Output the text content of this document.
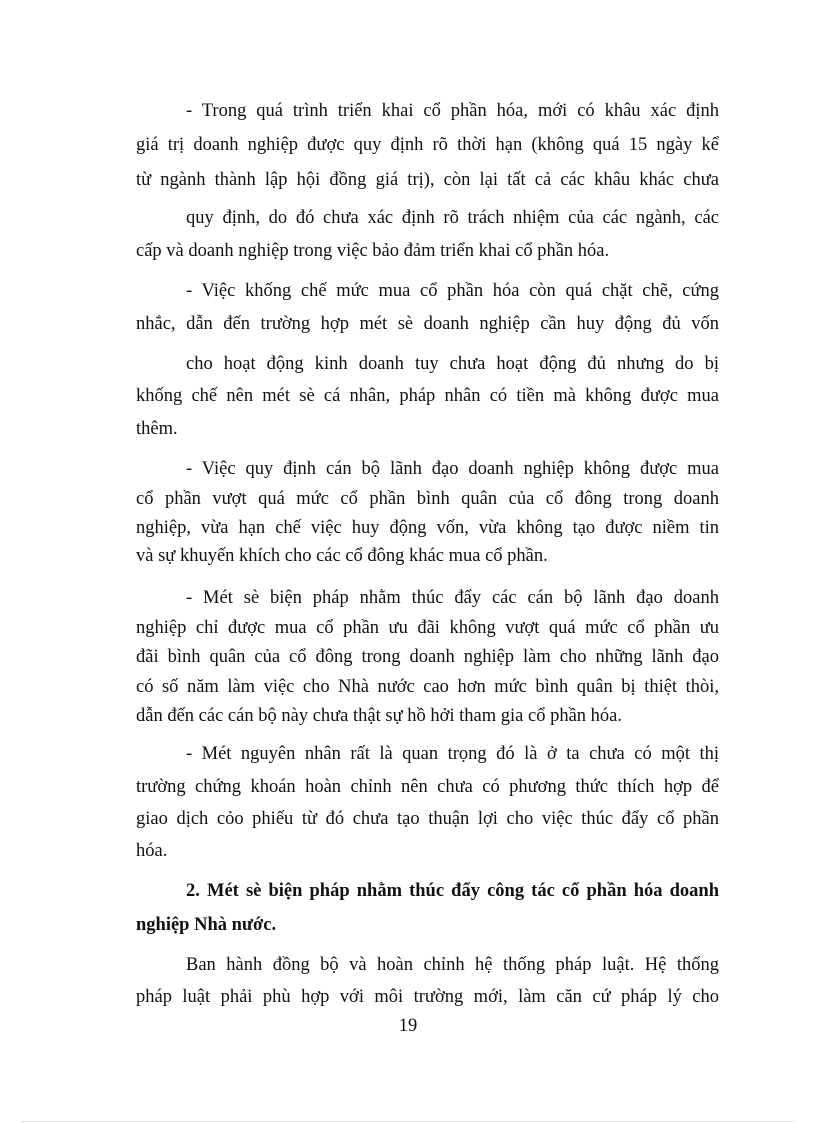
- Trong quá trình triển khai cổ phần hóa, mới có khâu xác định
giá trị doanh nghiệp được quy định rõ thời hạn (không quá 15 ngày kể
từ ngành thành lập hội đồng giá trị), còn lại tất cả các khâu khác chưa
quy định, do đó chưa xác định rõ trách nhiệm của các ngành, các
cấp và doanh nghiệp trong việc bảo đảm triển khai cổ phần hóa.
- Việc khống chế mức mua cổ phần hóa còn quá chặt chẽ, cứng
nhắc, dẫn đến trường hợp mét sè doanh nghiệp cần huy động đủ vốn
cho hoạt động kinh doanh tuy chưa hoạt động đủ nhưng do bị
khống chế nên mét sè cá nhân, pháp nhân có tiền mà không được mua
thêm.
- Việc quy định cán bộ lãnh đạo doanh nghiệp không được mua
cổ phần vượt quá mức cổ phần bình quân của cổ đông trong doanh
nghiệp, vừa hạn chế việc huy động vốn, vừa không tạo được niềm tin
và sự khuyến khích cho các cổ đông khác mua cổ phần.
- Mét sè biện pháp nhằm thúc đẩy các cán bộ lãnh đạo doanh
nghiệp chỉ được mua cổ phần ưu đãi không vượt quá mức cổ phần ưu
đãi bình quân của cổ đông trong doanh nghiệp làm cho những lãnh đạo
có số năm làm việc cho Nhà nước cao hơn mức bình quân bị thiệt thòi,
dẫn đến các cán bộ này chưa thật sự hồ hởi tham gia cổ phần hóa.
- Mét nguyên nhân rất là quan trọng đó là ở ta chưa có một thị
trường chứng khoán hoàn chỉnh nên chưa có phương thức thích hợp để
giao dịch cỏo phiếu từ đó chưa tạo thuận lợi cho việc thúc đẩy cổ phần
hóa.
2. Mét sè biện pháp nhằm thúc đẩy công tác cổ phần hóa doanh
nghiệp Nhà nước.
Ban hành đồng bộ và hoàn chỉnh hệ thống pháp luật. Hệ thống
pháp luật phải phù hợp với môi trường mới, làm căn cứ pháp lý cho
19
